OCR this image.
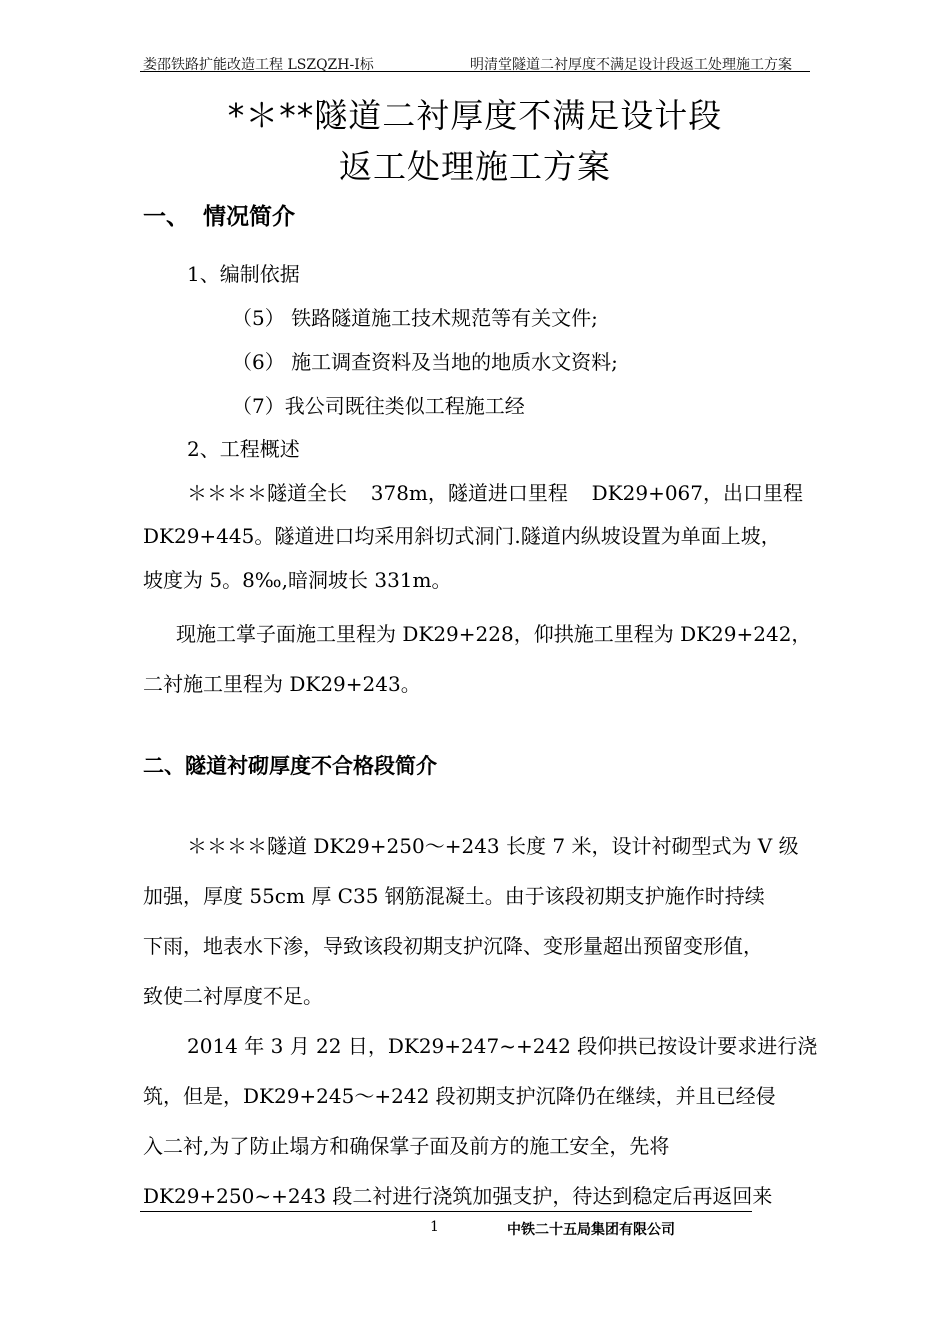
娄邵铁路扩能改造工程 LSZQZH-Ⅰ标	明清堂隧道二衬厚度不满足设计段返工处理施工方案
*＊**隧道二衬厚度不满足设计段
返工处理施工方案
一、 情况简介
1、编制依据
（5） 铁路隧道施工技术规范等有关文件;
（6） 施工调查资料及当地的地质水文资料;
（7）我公司既往类似工程施工经
2、工程概述
＊＊＊＊隧道全长 378m，隧道进口里程 DK29+067，出口里程
DK29+445。隧道进口均采用斜切式洞门.隧道内纵坡设置为单面上坡，
坡度为 5。8‰,暗洞坡长 331m。
现施工掌子面施工里程为 DK29+228，仰拱施工里程为 DK29+242，
二衬施工里程为 DK29+243。
二、隧道衬砌厚度不合格段简介
＊＊＊＊隧道 DK29+250～+243 长度 7 米，设计衬砌型式为 V 级
加强，厚度 55cm 厚 C35 钢筋混凝土。由于该段初期支护施作时持续
下雨，地表水下渗，导致该段初期支护沉降、变形量超出预留变形值，
致使二衬厚度不足。
2014 年 3 月 22 日，DK29+247~+242 段仰拱已按设计要求进行浇
筑，但是，DK29+245～+242 段初期支护沉降仍在继续，并且已经侵
入二衬,为了防止塌方和确保掌子面及前方的施工安全，先将
DK29+250~+243 段二衬进行浇筑加强支护，待达到稳定后再返回来
1	中铁二十五局集团有限公司
